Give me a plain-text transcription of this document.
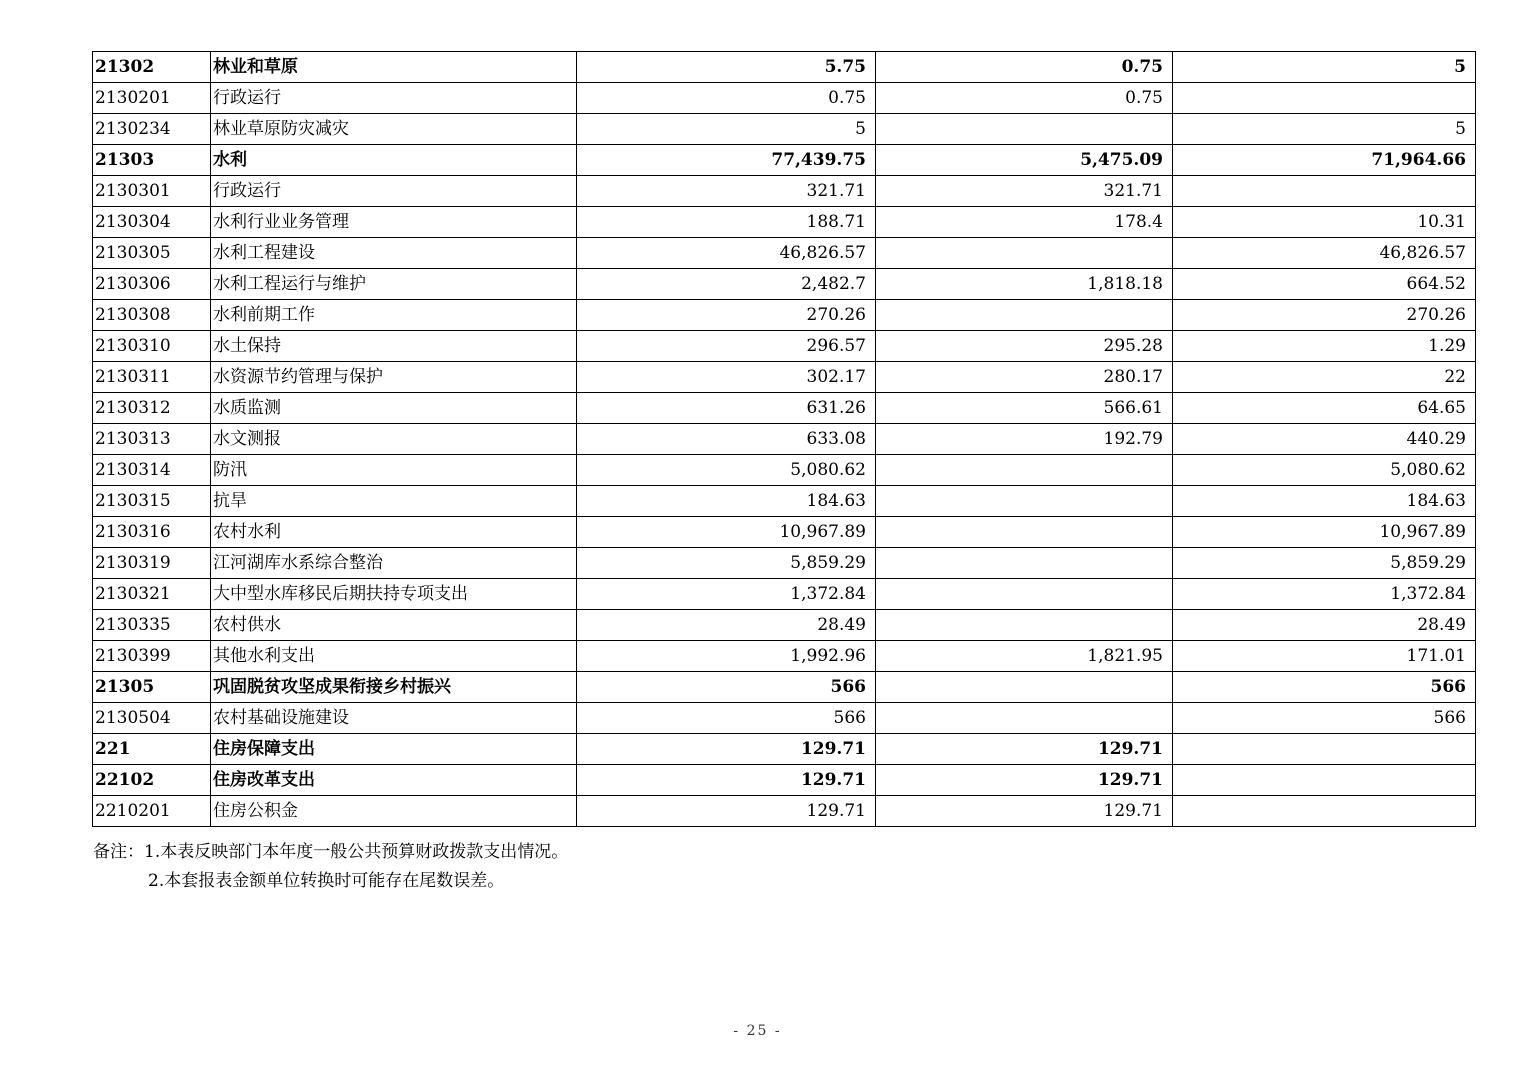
21302	林业和草原	5.75	0.75	5
2130201	行政运行	0.75	0.75	
2130234	林业草原防灾减灾	5		5
21303	水利	77,439.75	5,475.09	71,964.66
2130301	行政运行	321.71	321.71	
2130304	水利行业业务管理	188.71	178.4	10.31
2130305	水利工程建设	46,826.57		46,826.57
2130306	水利工程运行与维护	2,482.7	1,818.18	664.52
2130308	水利前期工作	270.26		270.26
2130310	水土保持	296.57	295.28	1.29
2130311	水资源节约管理与保护	302.17	280.17	22
2130312	水质监测	631.26	566.61	64.65
2130313	水文测报	633.08	192.79	440.29
2130314	防汛	5,080.62		5,080.62
2130315	抗旱	184.63		184.63
2130316	农村水利	10,967.89		10,967.89
2130319	江河湖库水系综合整治	5,859.29		5,859.29
2130321	大中型水库移民后期扶持专项支出	1,372.84		1,372.84
2130335	农村供水	28.49		28.49
2130399	其他水利支出	1,992.96	1,821.95	171.01
21305	巩固脱贫攻坚成果衔接乡村振兴	566		566
2130504	农村基础设施建设	566		566
221	住房保障支出	129.71	129.71	
22102	住房改革支出	129.71	129.71	
2210201	住房公积金	129.71	129.71	
备注：1.本表反映部门本年度一般公共预算财政拨款支出情况。
2.本套报表金额单位转换时可能存在尾数误差。
- 25 -
